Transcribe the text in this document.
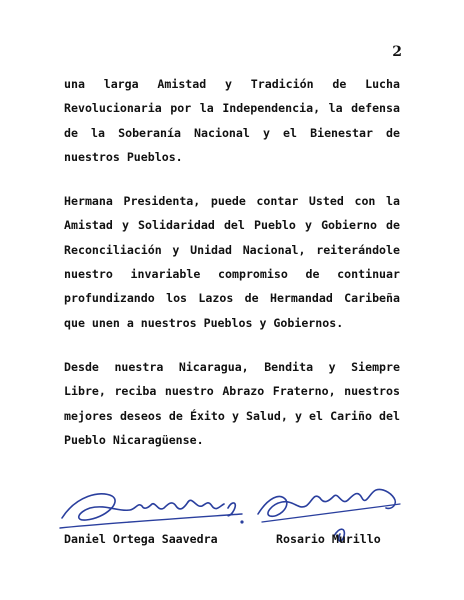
2

una larga Amistad y Tradición de Lucha Revolucionaria por la Independencia, la defensa de la Soberanía Nacional y el Bienestar de nuestros Pueblos.

Hermana Presidenta, puede contar Usted con la Amistad y Solidaridad del Pueblo y Gobierno de Reconciliación y Unidad Nacional, reiterándole nuestro invariable compromiso de continuar profundizando los Lazos de Hermandad Caribeña que unen a nuestros Pueblos y Gobiernos.

Desde nuestra Nicaragua, Bendita y Siempre Libre, reciba nuestro Abrazo Fraterno, nuestros mejores deseos de Éxito y Salud, y el Cariño del Pueblo Nicaragüense.

Daniel Ortega Saavedra	Rosario Murillo
